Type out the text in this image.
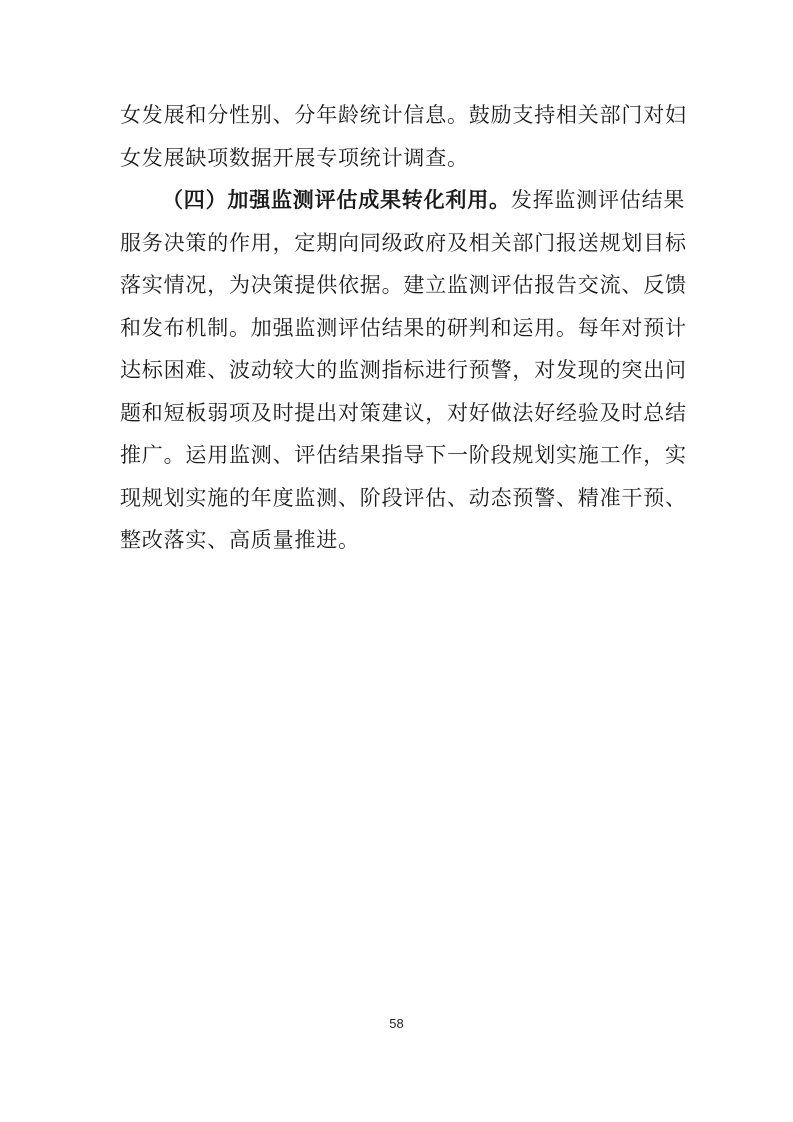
女发展和分性别、分年龄统计信息。鼓励支持相关部门对妇
女发展缺项数据开展专项统计调查。
（四）加强监测评估成果转化利用。发挥监测评估结果
服务决策的作用，定期向同级政府及相关部门报送规划目标
落实情况，为决策提供依据。建立监测评估报告交流、反馈
和发布机制。加强监测评估结果的研判和运用。每年对预计
达标困难、波动较大的监测指标进行预警，对发现的突出问
题和短板弱项及时提出对策建议，对好做法好经验及时总结
推广。运用监测、评估结果指导下一阶段规划实施工作，实
现规划实施的年度监测、阶段评估、动态预警、精准干预、
整改落实、高质量推进。
58
